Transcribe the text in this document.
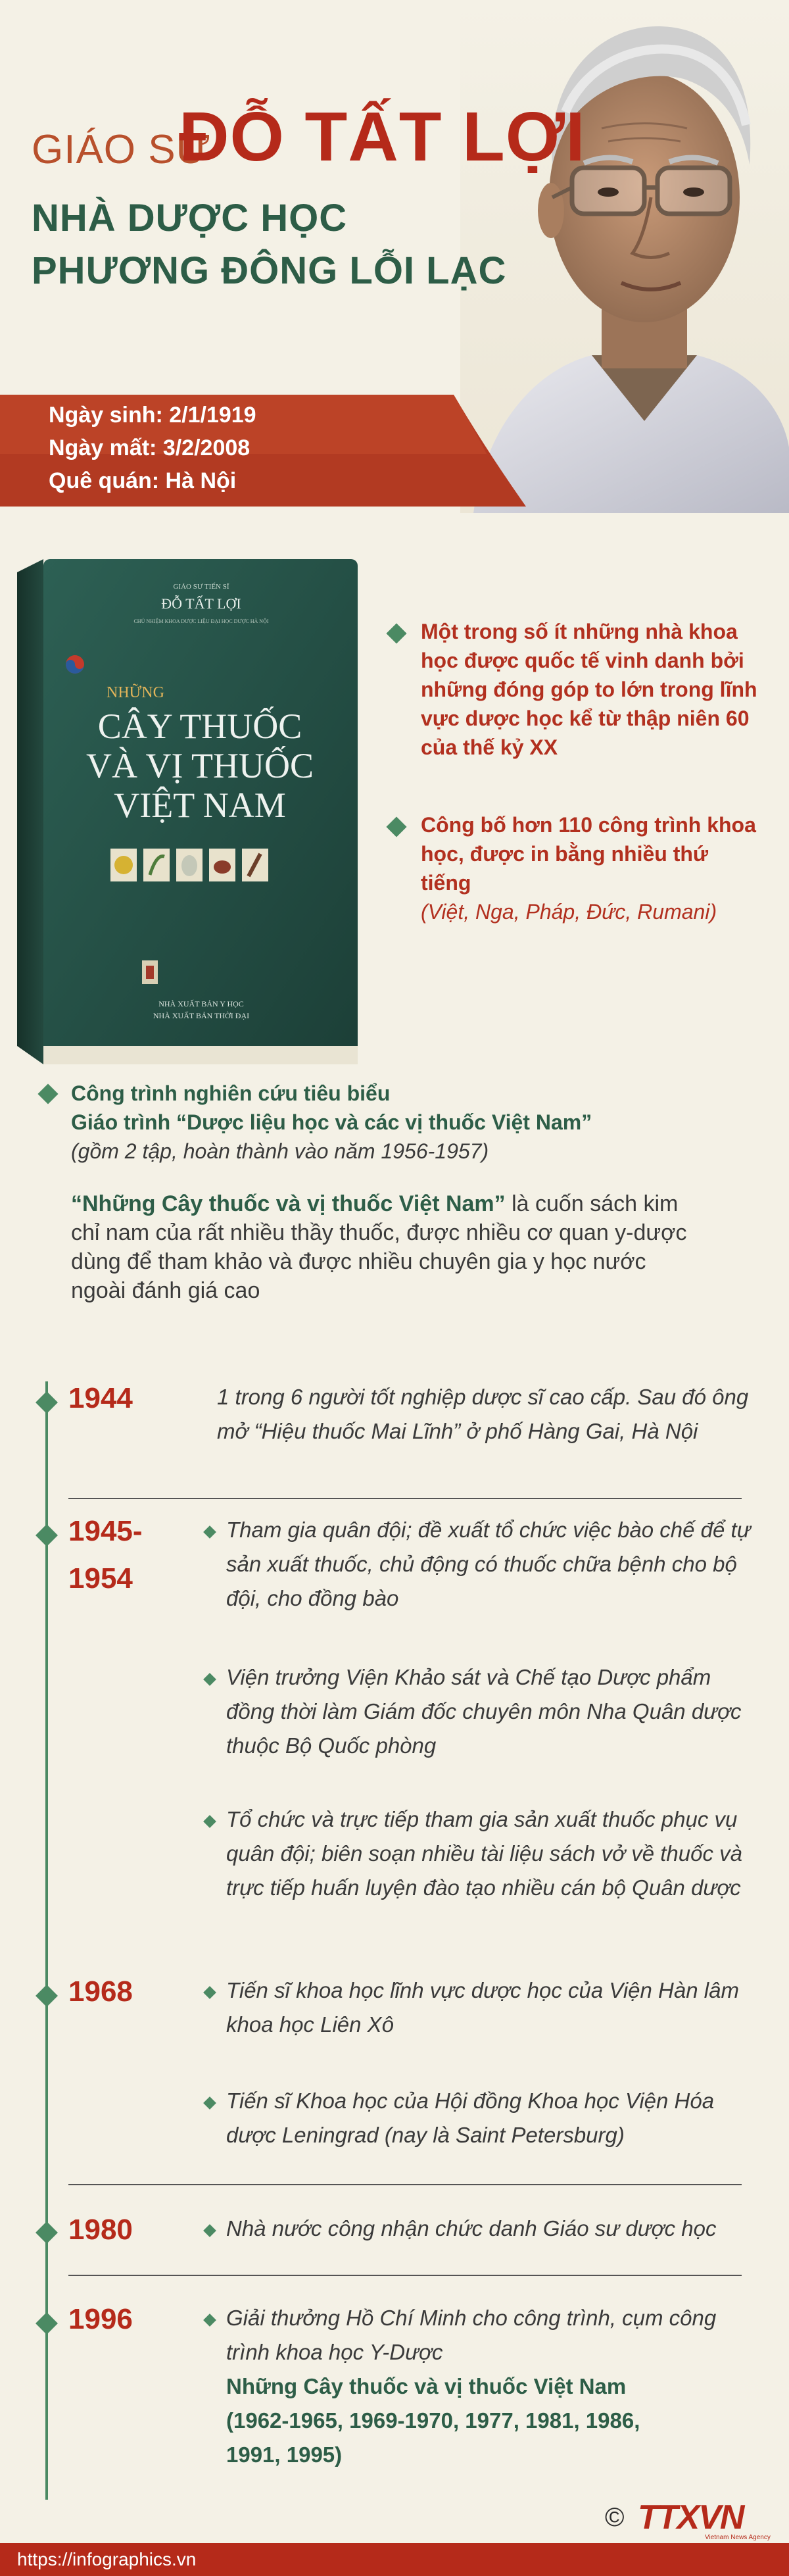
GIÁO SƯ
ĐỖ TẤT LỢI
NHÀ DƯỢC HỌC
PHƯƠNG ĐÔNG LỖI LẠC
Ngày sinh: 2/1/1919
Ngày mất: 3/2/2008
Quê quán: Hà Nội
GIÁO SƯ TIẾN SĨ
ĐỖ TẤT LỢI
CHỦ NHIỆM KHOA DƯỢC LIỆU ĐẠI HỌC DƯỢC HÀ NỘI
NHỮNG
CÂY THUỐC
VÀ VỊ THUỐC
VIỆT NAM
NHÀ XUẤT BẢN Y HỌC
NHÀ XUẤT BẢN THỜI ĐẠI
Một trong số ít những nhà khoa học được quốc tế vinh danh bởi những đóng góp to lớn trong lĩnh vực dược học kể từ thập niên 60 của thế kỷ XX
Công bố hơn 110 công trình khoa học, được in bằng nhiều thứ tiếng
(Việt, Nga, Pháp, Đức, Rumani)
Công trình nghiên cứu tiêu biểu
Giáo trình “Dược liệu học và các vị thuốc Việt Nam”
(gồm 2 tập, hoàn thành vào năm 1956-1957)
“Những Cây thuốc và vị thuốc Việt Nam” là cuốn sách kim chỉ nam của rất nhiều thầy thuốc, được nhiều cơ quan y-dược dùng để tham khảo và được nhiều chuyên gia y học nước ngoài đánh giá cao
1944	1 trong 6 người tốt nghiệp dược sĩ cao cấp. Sau đó ông mở “Hiệu thuốc Mai Lĩnh” ở phố Hàng Gai, Hà Nội
1945-
1954
Tham gia quân đội; đề xuất tổ chức việc bào chế để tự sản xuất thuốc, chủ động có thuốc chữa bệnh cho bộ đội, cho đồng bào
Viện trưởng Viện Khảo sát và Chế tạo Dược phẩm đồng thời làm Giám đốc chuyên môn Nha Quân dược thuộc Bộ Quốc phòng
Tổ chức và trực tiếp tham gia sản xuất thuốc phục vụ quân đội; biên soạn nhiều tài liệu sách vở về thuốc và trực tiếp huấn luyện đào tạo nhiều cán bộ Quân dược
1968	Tiến sĩ khoa học lĩnh vực dược học của Viện Hàn lâm khoa học Liên Xô
Tiến sĩ Khoa học của Hội đồng Khoa học Viện Hóa dược Leningrad (nay là Saint Petersburg)
1980	Nhà nước công nhận chức danh Giáo sư dược học
1996	Giải thưởng Hồ Chí Minh cho công trình, cụm công trình khoa học Y-Dược
Những Cây thuốc và vị thuốc Việt Nam
(1962-1965, 1969-1970, 1977, 1981, 1986,
1991, 1995)
© TTXVN
Vietnam News Agency
https://infographics.vn
